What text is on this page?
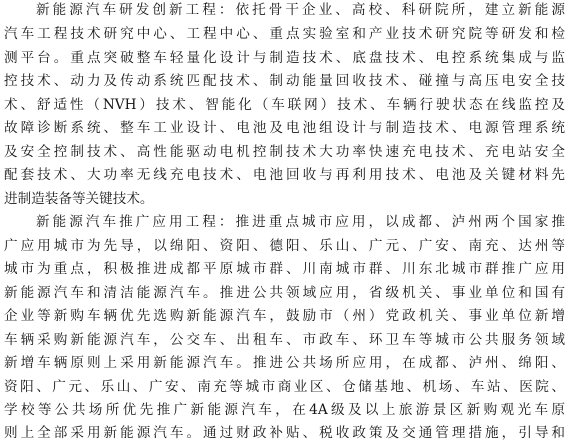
新能源汽车研发创新工程：依托骨干企业、高校、科研院所，建立新能源
汽车工程技术研究中心、工程中心、重点实验室和产业技术研究院等研发和检
测平台。重点突破整车轻量化设计与制造技术、底盘技术、电控系统集成与监
控技术、动力及传动系统匹配技术、制动能量回收技术、碰撞与高压电安全技
术、舒适性（NVH）技术、智能化（车联网）技术、车辆行驶状态在线监控及
故障诊断系统、整车工业设计、电池及电池组设计与制造技术、电源管理系统
及安全控制技术、高性能驱动电机控制技术大功率快速充电技术、充电站安全
配套技术、大功率无线充电技术、电池回收与再利用技术、电池及关键材料先
进制造装备等关键技术。
新能源汽车推广应用工程：推进重点城市应用，以成都、泸州两个国家推
广应用城市为先导，以绵阳、资阳、德阳、乐山、广元、广安、南充、达州等
城市为重点，积极推进成都平原城市群、川南城市群、川东北城市群推广应用
新能源汽车和清洁能源汽车。推进公共领域应用，省级机关、事业单位和国有
企业等新购车辆优先选购新能源汽车，鼓励市（州）党政机关、事业单位新增
车辆采购新能源汽车，公交车、出租车、市政车、环卫车等城市公共服务领域
新增车辆原则上采用新能源汽车。推进公共场所应用，在成都、泸州、绵阳、
资阳、广元、乐山、广安、南充等城市商业区、仓储基地、机场、车站、医院、
学校等公共场所优先推广新能源汽车，在4A级及以上旅游景区新购观光车原
则上全部采用新能源汽车。通过财政补贴、税收政策及交通管理措施，引导和
